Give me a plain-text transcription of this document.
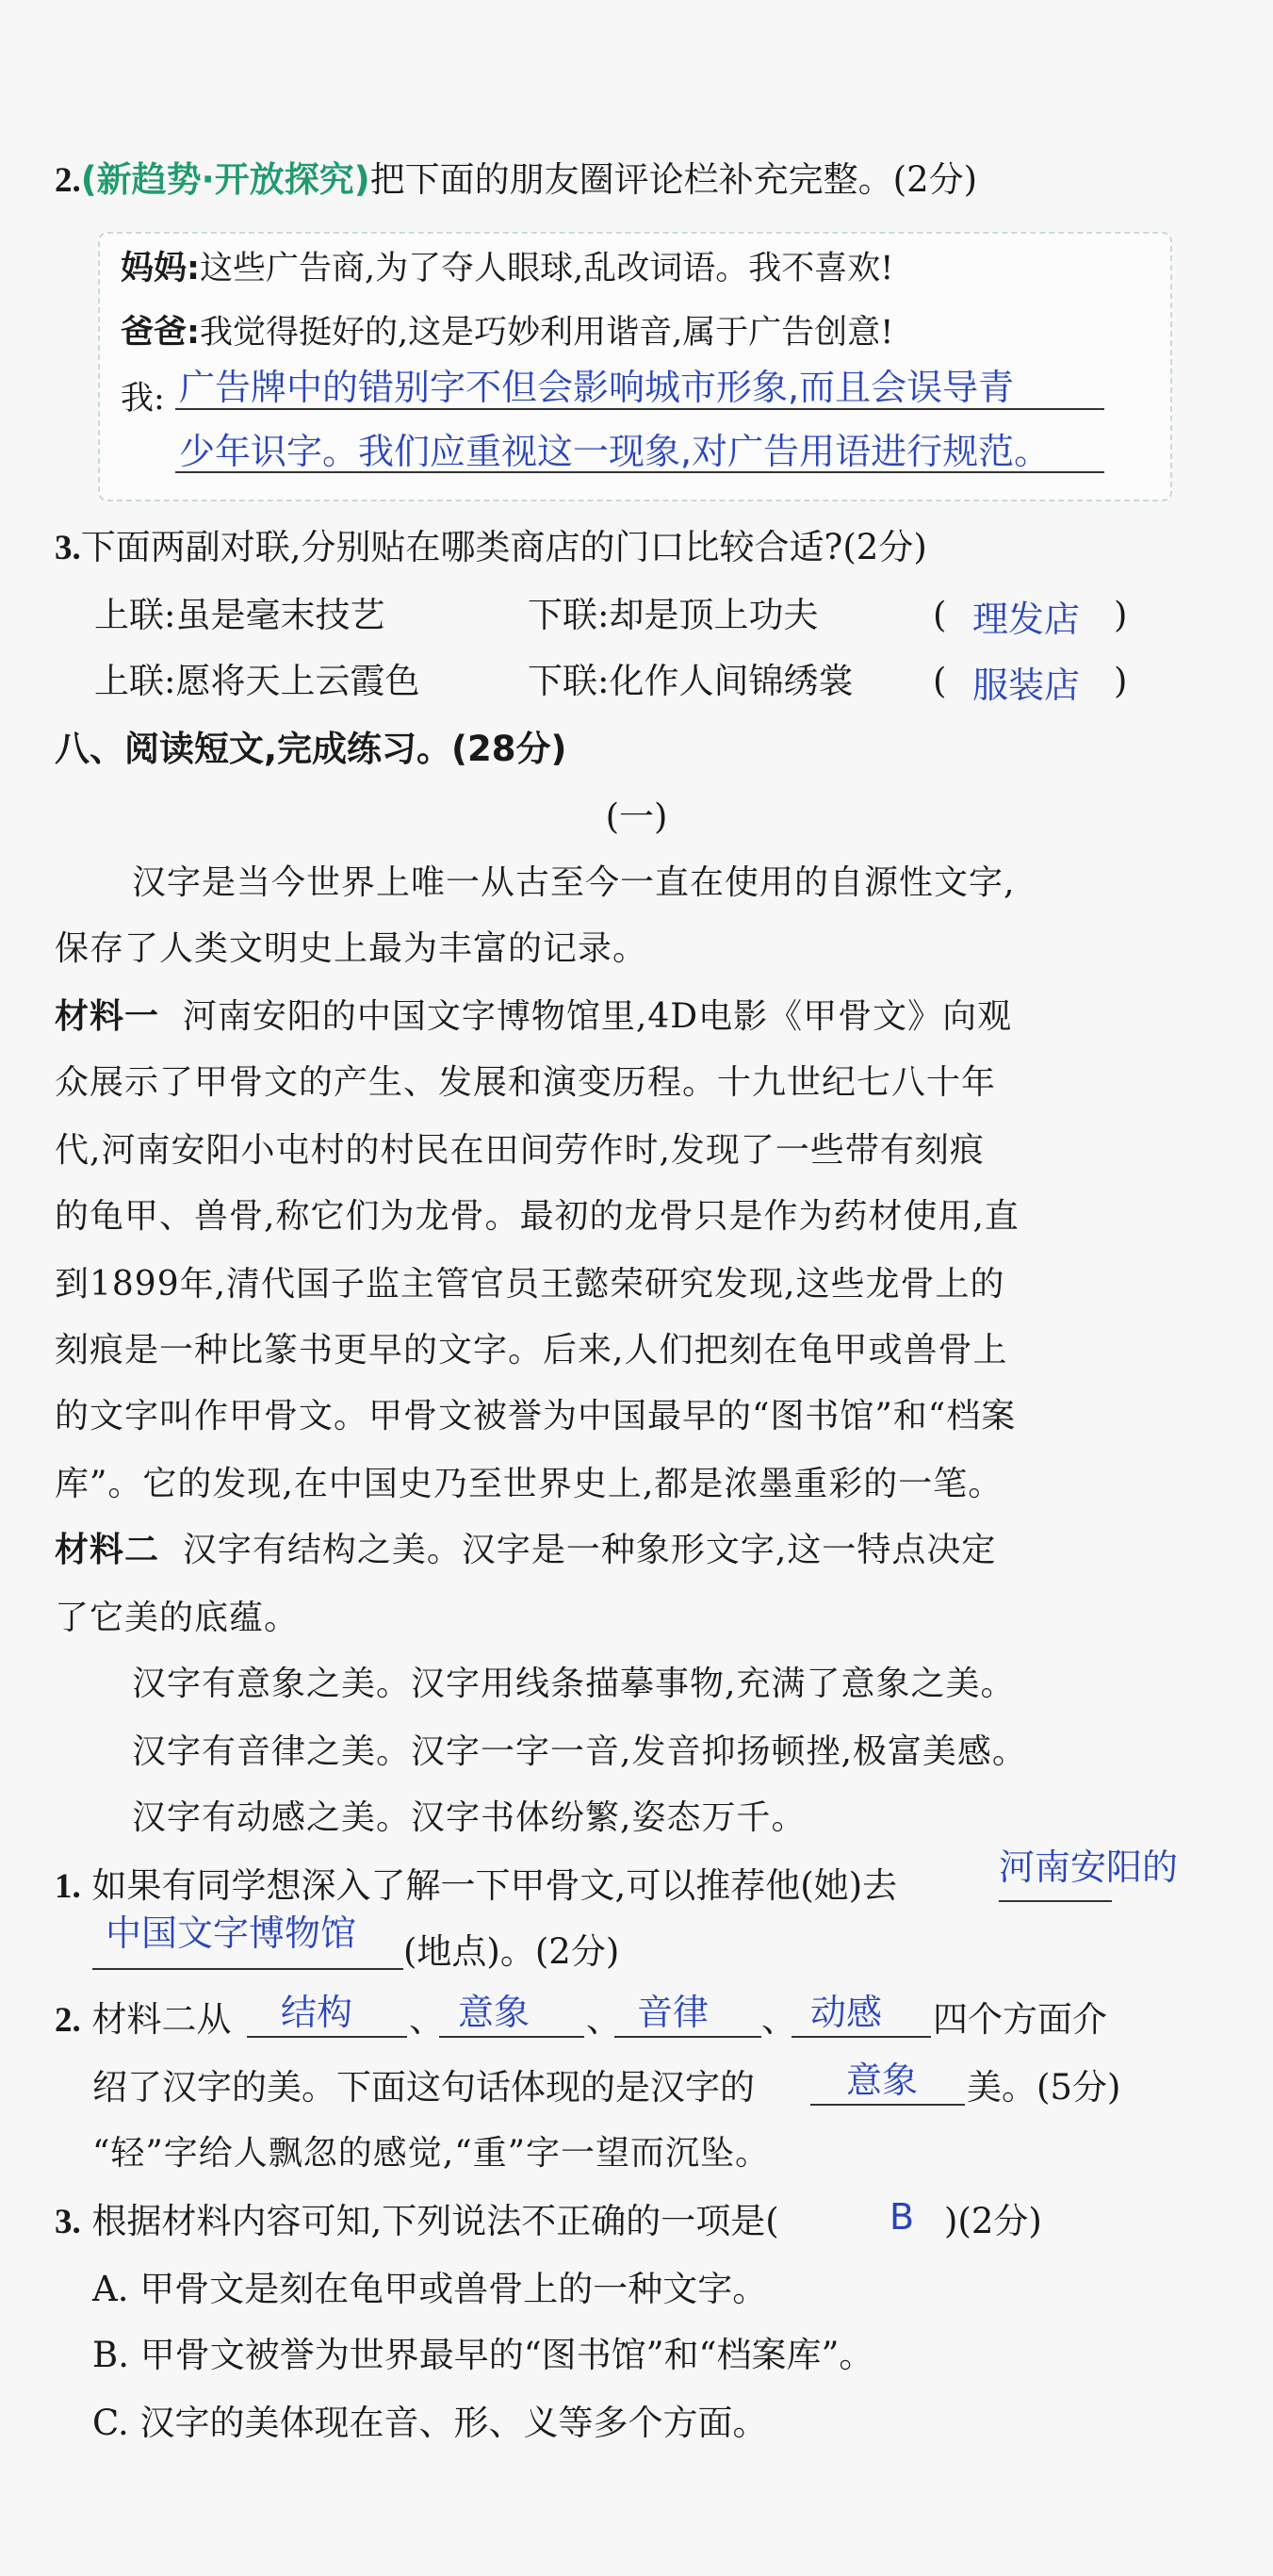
2.(新趋势·开放探究)把下面的朋友圈评论栏补充完整。(2分)
妈妈:这些广告商,为了夺人眼球,乱改词语。我不喜欢!
爸爸:我觉得挺好的,这是巧妙利用谐音,属于广告创意!
我: 广告牌中的错别字不但会影响城市形象,而且会误导青
少年识字。我们应重视这一现象,对广告用语进行规范。
3.下面两副对联,分别贴在哪类商店的门口比较合适?(2分)
上联:虽是毫末技艺	下联:却是顶上功夫	( 理发店 )
上联:愿将天上云霞色	下联:化作人间锦绣裳 ( 服装店 )
八、阅读短文,完成练习。(28分)
(一)
汉字是当今世界上唯一从古至今一直在使用的自源性文字,
保存了人类文明史上最为丰富的记录。
材料一 河南安阳的中国文字博物馆里,4D电影《甲骨文》向观
众展示了甲骨文的产生、发展和演变历程。十九世纪七八十年
代,河南安阳小屯村的村民在田间劳作时,发现了一些带有刻痕
的龟甲、兽骨,称它们为龙骨。最初的龙骨只是作为药材使用,直
到1899年,清代国子监主管官员王懿荣研究发现,这些龙骨上的
刻痕是一种比篆书更早的文字。后来,人们把刻在龟甲或兽骨上
的文字叫作甲骨文。甲骨文被誉为中国最早的“图书馆”和“档案
库”。它的发现,在中国史乃至世界史上,都是浓墨重彩的一笔。
材料二 汉字有结构之美。汉字是一种象形文字,这一特点决定
了它美的底蕴。
汉字有意象之美。汉字用线条描摹事物,充满了意象之美。
汉字有音律之美。汉字一字一音,发音抑扬顿挫,极富美感。
汉字有动感之美。汉字书体纷繁,姿态万千。
1. 如果有同学想深入了解一下甲骨文,可以推荐他(她)去	河南安阳的
中国文字博物馆 (地点)。(2分)
2. 材料二从 结构 、 意象 、 音律 、 动感 四个方面介
绍了汉字的美。下面这句话体现的是汉字的	意象 美。(5分)
“轻”字给人飘忽的感觉,“重”字一望而沉坠。
3. 根据材料内容可知,下列说法不正确的一项是(	B )(2分)
A. 甲骨文是刻在龟甲或兽骨上的一种文字。
B. 甲骨文被誉为世界最早的“图书馆”和“档案库”。
C. 汉字的美体现在音、形、义等多个方面。
